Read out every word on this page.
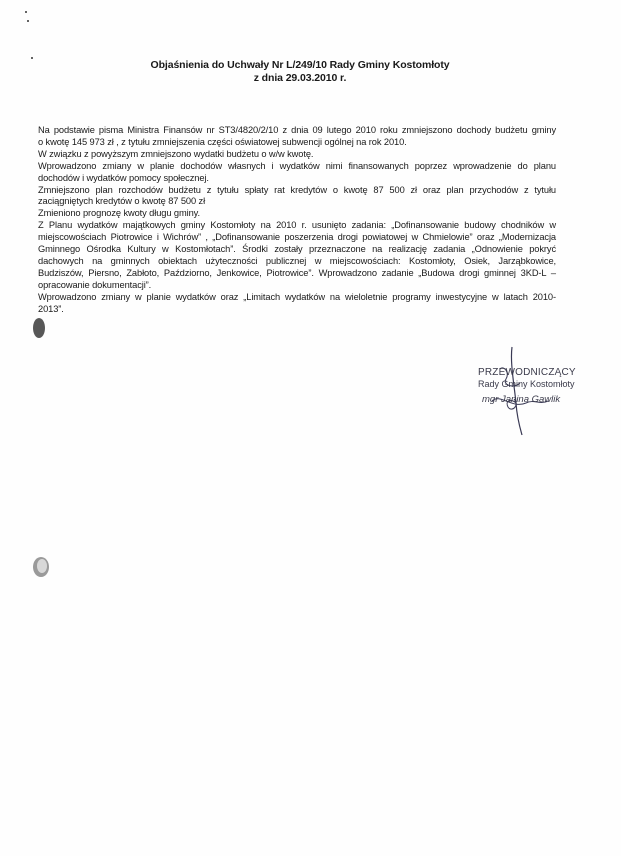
Objaśnienia do Uchwały Nr L/249/10 Rady Gminy Kostomłoty
z dnia 29.03.2010 r.
Na podstawie pisma Ministra Finansów nr ST3/4820/2/10 z dnia 09 lutego 2010 roku zmniejszono dochody budżetu gminy
o kwotę 145 973 zł , z tytułu zmniejszenia części oświatowej subwencji ogólnej na rok 2010.
W związku z powyższym zmniejszono wydatki budżetu o w/w kwotę.
Wprowadzono zmiany w planie dochodów własnych i wydatków nimi finansowanych poprzez wprowadzenie do planu
dochodów i wydatków pomocy społecznej.
Zmniejszono plan rozchodów budżetu z tytułu spłaty rat kredytów o kwotę 87 500 zł oraz plan przychodów z tytułu
zaciągniętych kredytów o kwotę 87 500 zł
Zmieniono prognozę kwoty długu gminy.
Z Planu wydatków majątkowych gminy Kostomłoty na 2010 r. usunięto zadania: „Dofinansowanie budowy chodników w
miejscowościach Piotrowice i Wichrów” , „Dofinansowanie poszerzenia drogi powiatowej w Chmielowie” oraz „Modernizacja
Gminnego Ośrodka Kultury w Kostomłotach”. Środki zostały przeznaczone na realizację zadania „Odnowienie pokryć
dachowych na gminnych obiektach użyteczności publicznej w miejscowościach: Kostomłoty, Osiek, Jarząbkowice,
Budziszów, Piersno, Zabłoto, Paździorno, Jenkowice, Piotrowice”. Wprowadzono zadanie „Budowa drogi gminnej 3KD-L –
opracowanie dokumentacji”.
Wprowadzono zmiany w planie wydatków oraz „Limitach wydatków na wieloletnie programy inwestycyjne w latach 2010-
2013”.
PRZEWODNICZĄCY
Rady Gminy Kostomłoty
mgr Janina Gawlik
